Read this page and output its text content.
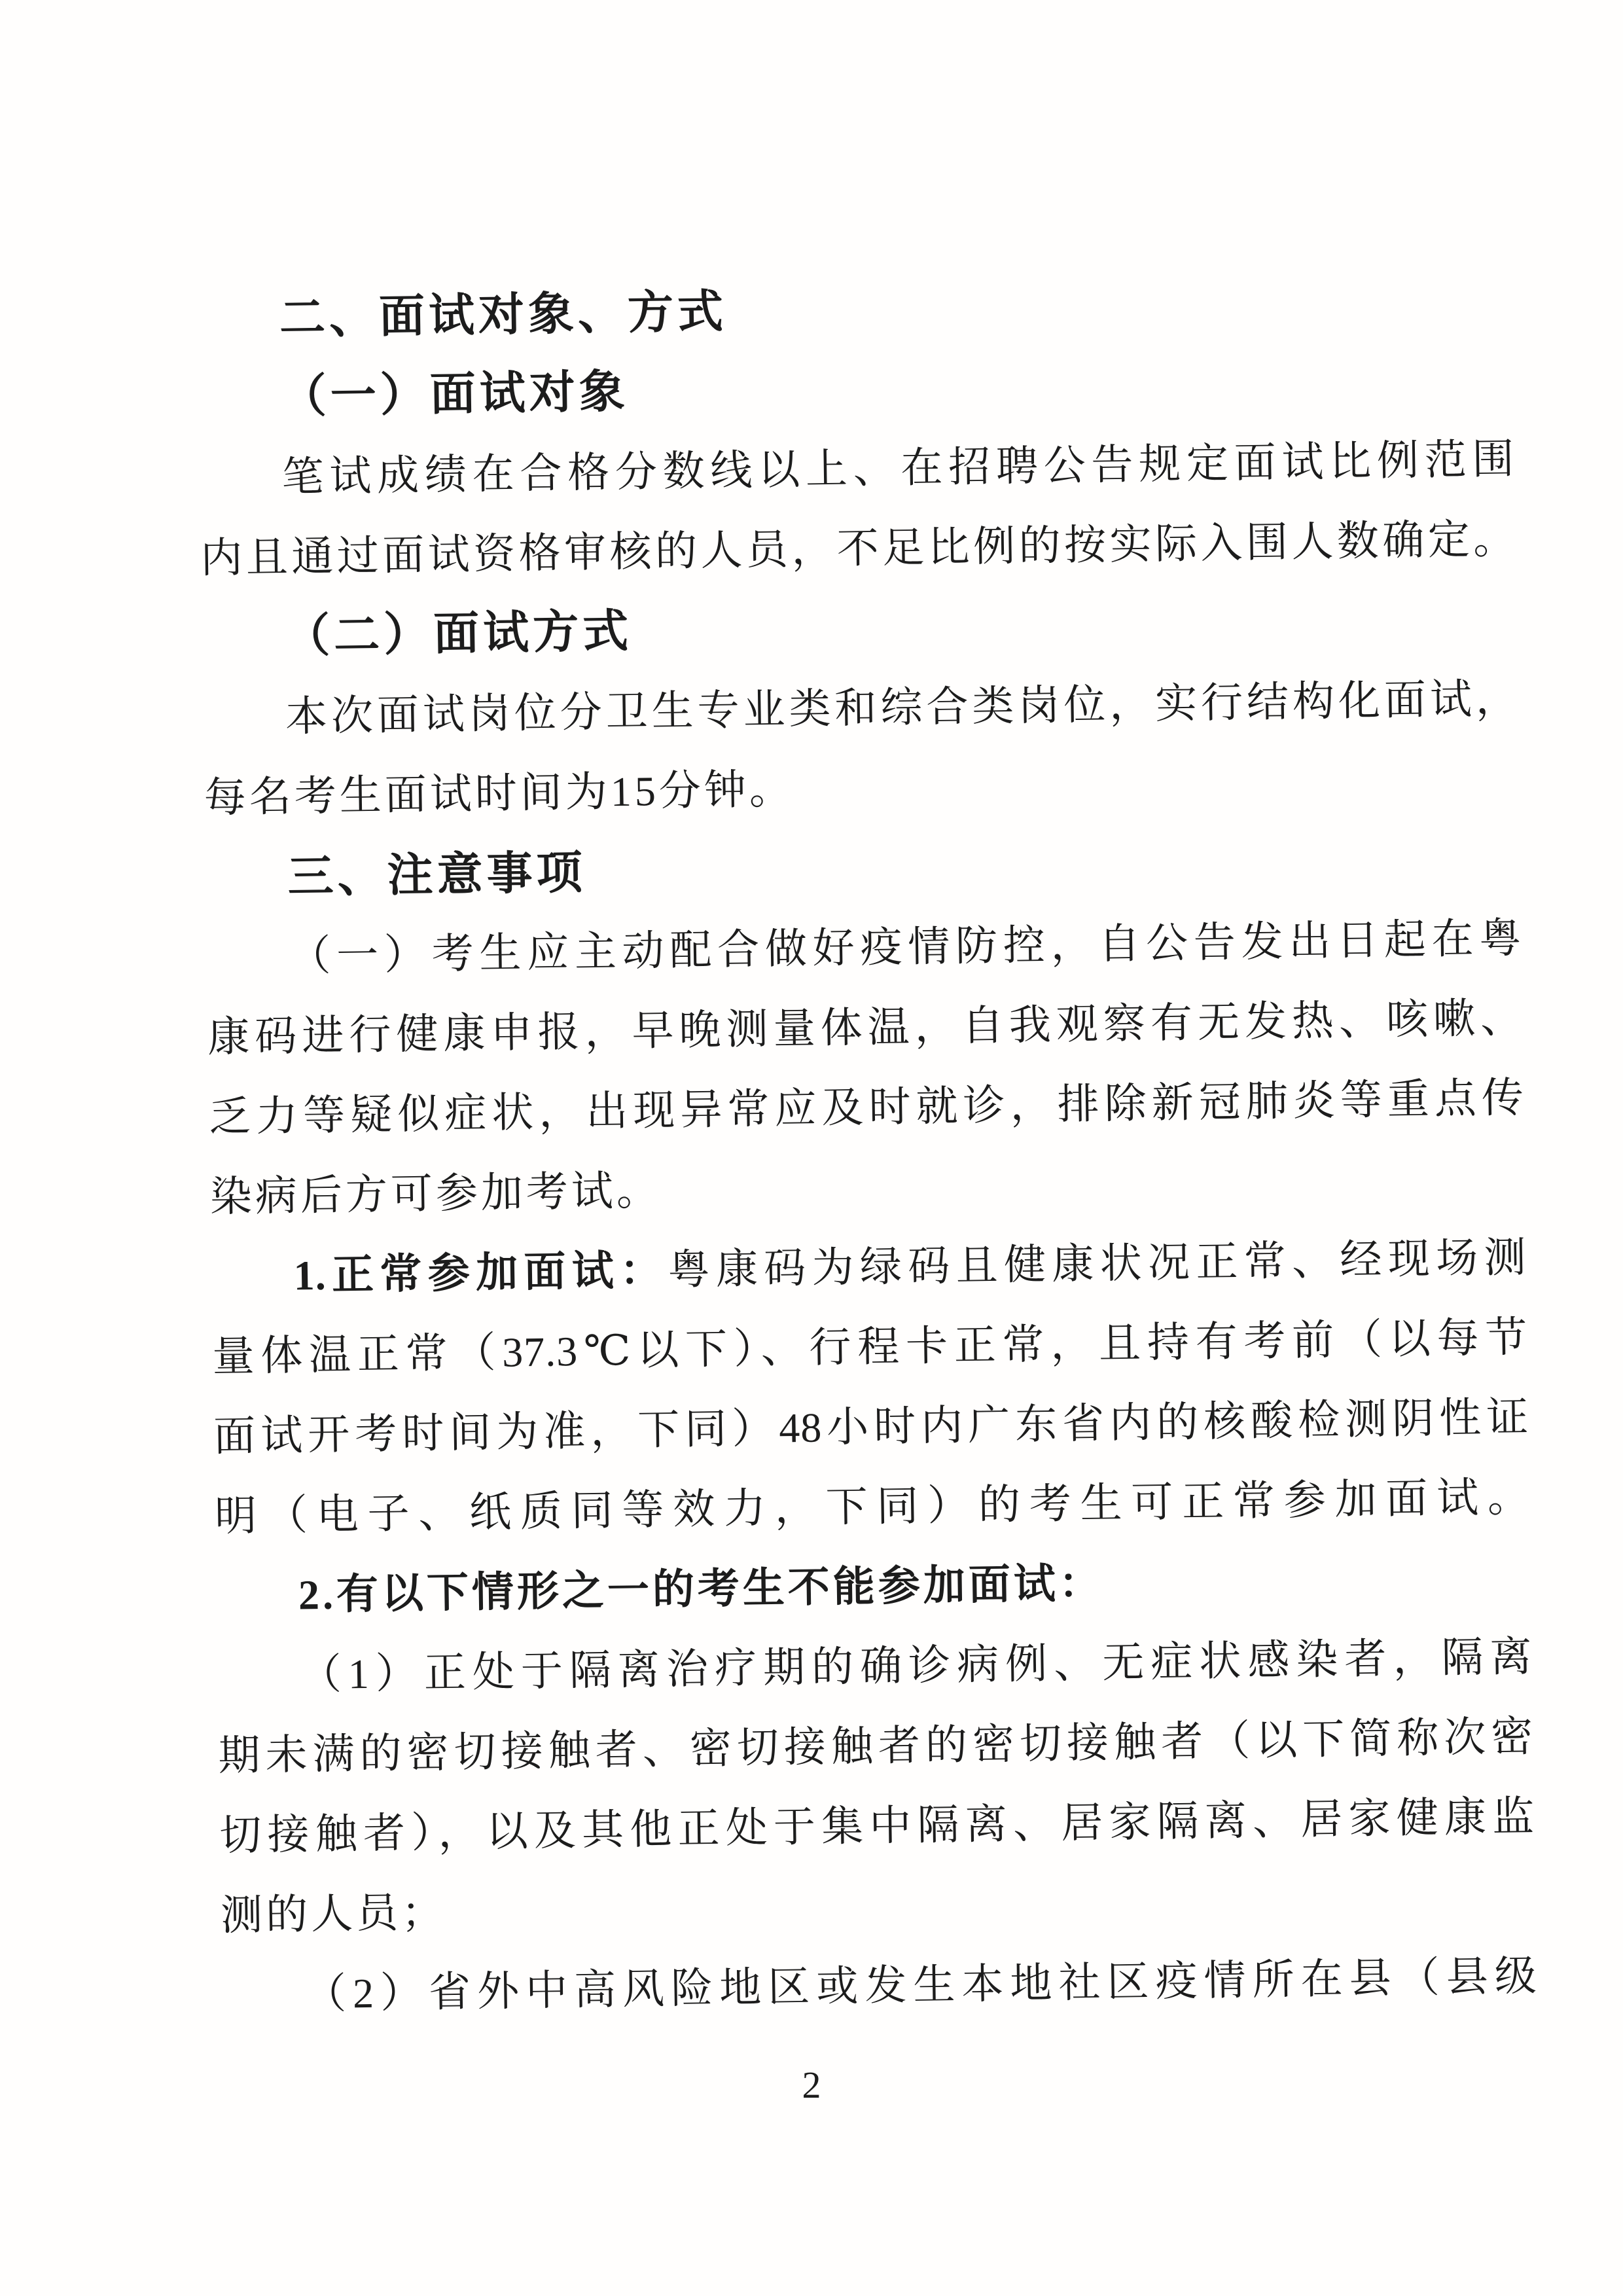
二、面试对象、方式
（一）面试对象
笔试成绩在合格分数线以上、在招聘公告规定面试比例范围
内且通过面试资格审核的人员，不足比例的按实际入围人数确定。
（二）面试方式
本次面试岗位分卫生专业类和综合类岗位，实行结构化面试，
每名考生面试时间为15分钟。
三、注意事项
（一）考生应主动配合做好疫情防控，自公告发出日起在粤
康码进行健康申报，早晚测量体温，自我观察有无发热、咳嗽、
乏力等疑似症状，出现异常应及时就诊，排除新冠肺炎等重点传
染病后方可参加考试。
1.正常参加面试：粤康码为绿码且健康状况正常、经现场测
量体温正常（37.3℃以下）、行程卡正常，且持有考前（以每节
面试开考时间为准，下同）48小时内广东省内的核酸检测阴性证
明（电子、纸质同等效力，下同）的考生可正常参加面试。
2.有以下情形之一的考生不能参加面试：
（1）正处于隔离治疗期的确诊病例、无症状感染者，隔离
期未满的密切接触者、密切接触者的密切接触者（以下简称次密
切接触者），以及其他正处于集中隔离、居家隔离、居家健康监
测的人员；
（2）省外中高风险地区或发生本地社区疫情所在县（县级
2
